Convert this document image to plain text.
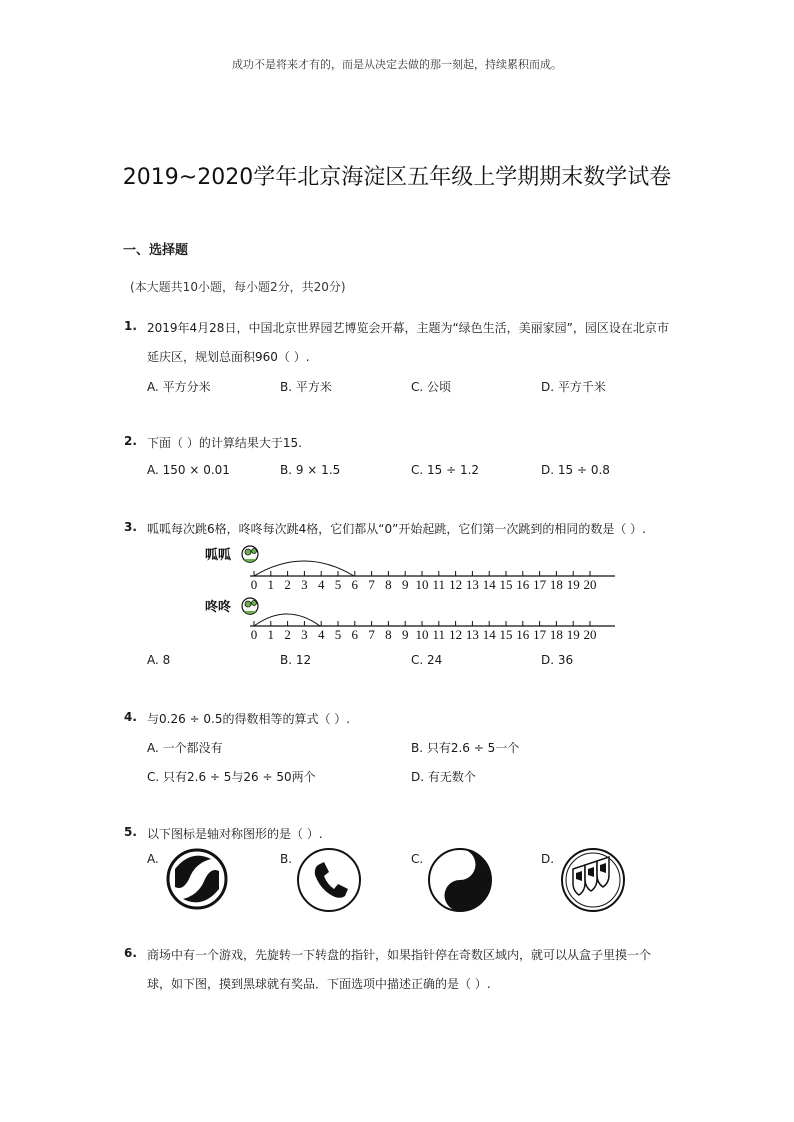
成功不是将来才有的，而是从决定去做的那一刻起，持续累积而成。
2019~2020学年北京海淀区五年级上学期期末数学试卷
一、选择题
(本大题共10小题，每小题2分，共20分)
1. 2019年4月28日，中国北京世界园艺博览会开幕，主题为“绿色生活，美丽家园”，园区设在北京市
延庆区，规划总面积960（ ）.
A. 平方分米	B. 平方米	C. 公顷	D. 平方千米
2. 下面（ ）的计算结果大于15.
A. 150 × 0.01	B. 9 × 1.5	C. 15 ÷ 1.2	D. 15 ÷ 0.8
3. 呱呱每次跳6格，咚咚每次跳4格，它们都从“0”开始起跳，它们第一次跳到的相同的数是（ ）.
呱呱
0 1 2 3 4 5 6 7 8 9 10 11 12 13 14 15 16 17 18 19 20
咚咚
0 1 2 3 4 5 6 7 8 9 10 11 12 13 14 15 16 17 18 19 20
A. 8	B. 12	C. 24	D. 36
4. 与0.26 ÷ 0.5的得数相等的算式（ ）.
A. 一个都没有	B. 只有2.6 ÷ 5一个
C. 只有2.6 ÷ 5与26 ÷ 50两个	D. 有无数个
5. 以下图标是轴对称图形的是（ ）.
A.	B.	C.	D.
6. 商场中有一个游戏，先旋转一下转盘的指针，如果指针停在奇数区域内，就可以从盒子里摸一个
球，如下图，摸到黑球就有奖品．下面选项中描述正确的是（ ）.
